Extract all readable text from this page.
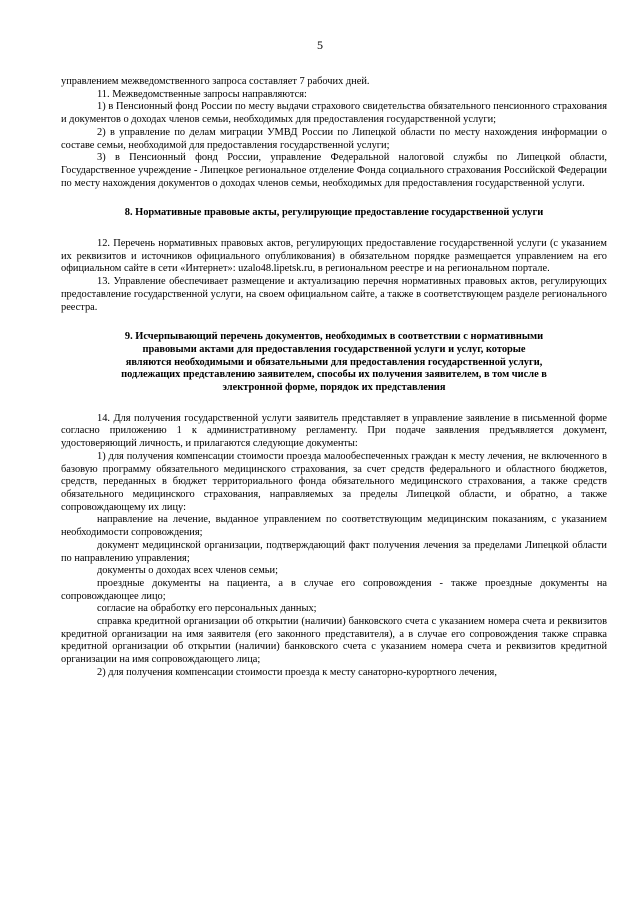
5

управлением межведомственного запроса составляет 7 рабочих дней.

11. Межведомственные запросы направляются:

1) в Пенсионный фонд России по месту выдачи страхового свидетельства обязательного пенсионного страхования и документов о доходах членов семьи, необходимых для предоставления государственной услуги;

2) в управление по делам миграции УМВД России по Липецкой области по месту нахождения информации о составе семьи, необходимой для предоставления государственной услуги;

3) в Пенсионный фонд России, управление Федеральной налоговой службы по Липецкой области, Государственное учреждение - Липецкое региональное отделение Фонда социального страхования Российской Федерации по месту нахождения документов о доходах членов семьи, необходимых для предоставления государственной услуги.

8. Нормативные правовые акты, регулирующие предоставление государственной услуги

12. Перечень нормативных правовых актов, регулирующих предоставление государственной услуги (с указанием их реквизитов и источников официального опубликования) в обязательном порядке размещается управлением на его официальном сайте в сети «Интернет»: uzalo48.lipetsk.ru, в региональном реестре и на региональном портале.

13. Управление обеспечивает размещение и актуализацию перечня нормативных правовых актов, регулирующих предоставление государственной услуги, на своем официальном сайте, а также в соответствующем разделе регионального реестра.

9. Исчерпывающий перечень документов, необходимых в соответствии с нормативными

правовыми актами для предоставления государственной услуги и услуг, которые

являются необходимыми и обязательными для предоставления государственной услуги,

подлежащих представлению заявителем, способы их получения заявителем, в том числе в

электронной форме, порядок их представления

14. Для получения государственной услуги заявитель представляет в управление заявление в письменной форме согласно приложению 1 к административному регламенту. При подаче заявления предъявляется документ, удостоверяющий личность, и прилагаются следующие документы:

1) для получения компенсации стоимости проезда малообеспеченных граждан к месту лечения, не включенного в базовую программу обязательного медицинского страхования, за счет средств федерального и областного бюджетов, средств, переданных в бюджет территориального фонда обязательного медицинского страхования, а также средств обязательного медицинского страхования, направляемых за пределы Липецкой области, и обратно, а также сопровождающему их лицу:

направление на лечение, выданное управлением по соответствующим медицинским показаниям, с указанием необходимости сопровождения;

документ медицинской организации, подтверждающий факт получения лечения за пределами Липецкой области по направлению управления;

документы о доходах всех членов семьи;

проездные документы на пациента, а в случае его сопровождения - также проездные документы на сопровождающее лицо;

согласие на обработку его персональных данных;

справка кредитной организации об открытии (наличии) банковского счета с указанием номера счета и реквизитов кредитной организации на имя заявителя (его законного представителя), а в случае его сопровождения также справка кредитной организации об открытии (наличии) банковского счета с указанием номера счета и реквизитов кредитной организации на имя сопровождающего лица;

2) для получения компенсации стоимости проезда к месту санаторно-курортного лечения,
